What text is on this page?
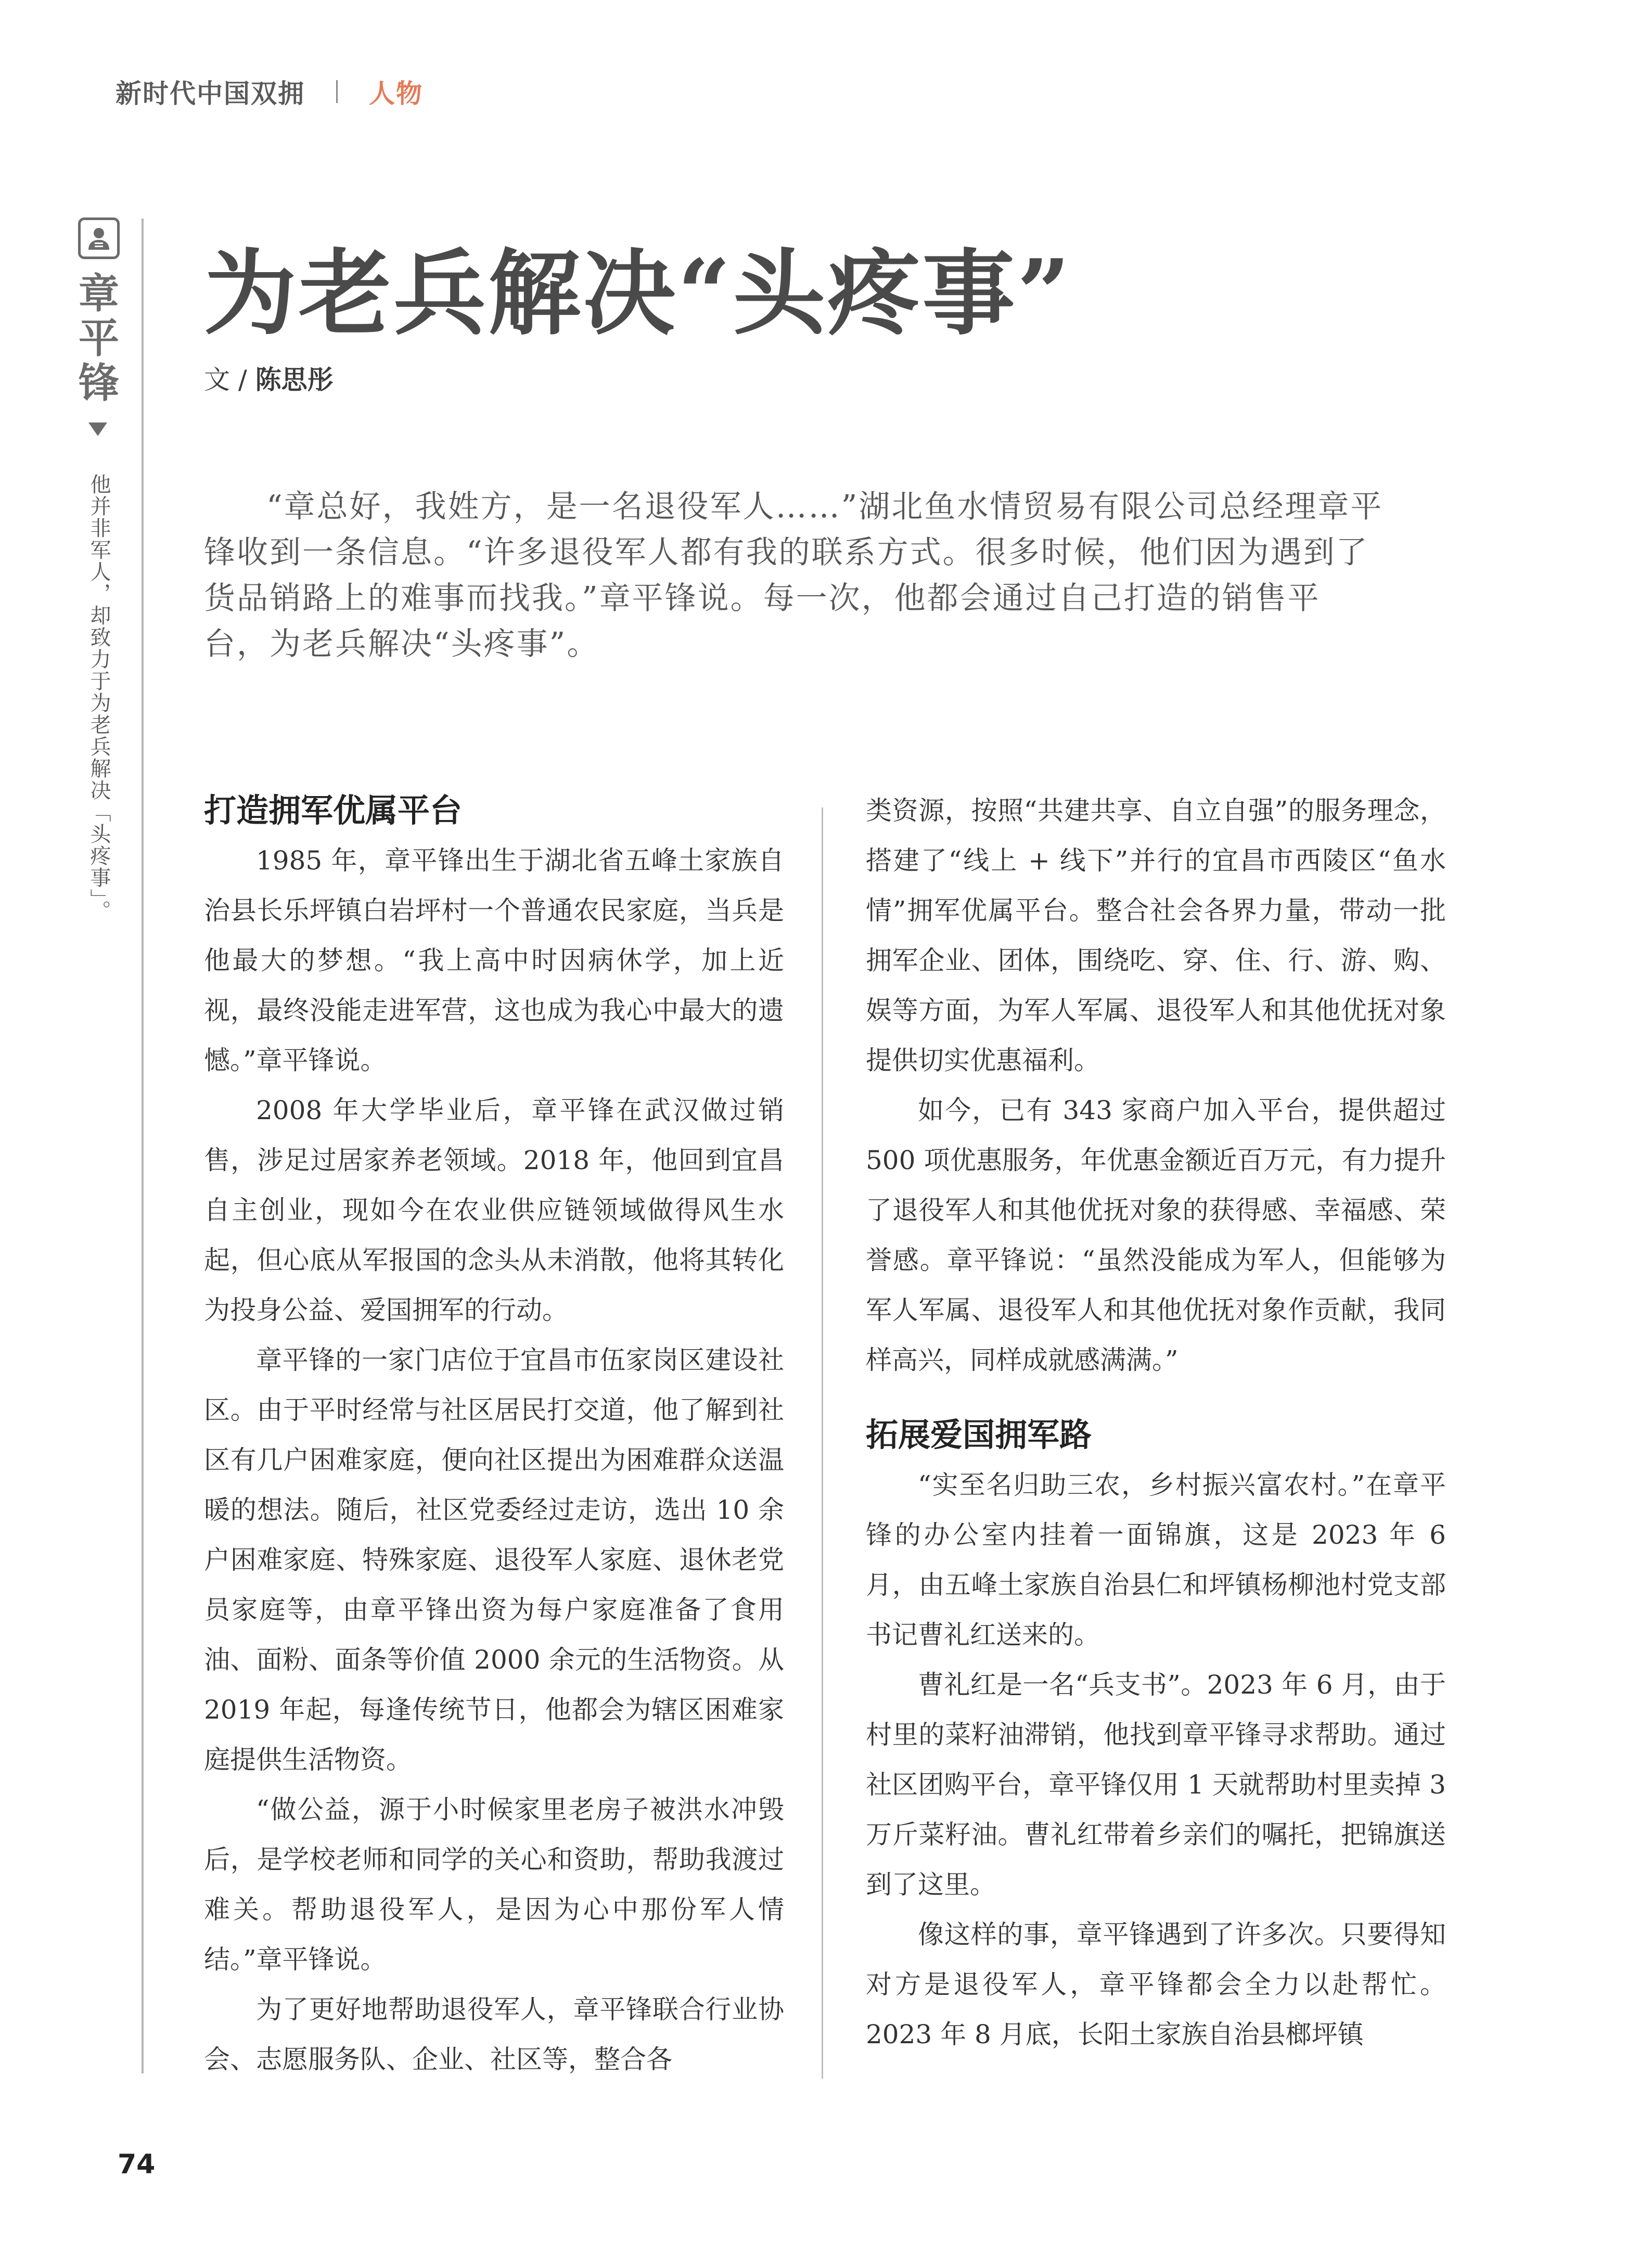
新时代中国双拥 人物
章
平
锋
他并非军人，却致力于为老兵解决「头疼事」。
为老兵解决“头疼事”
文 / 陈思彤

“章总好，我姓方，是一名退役军人……”湖北鱼水情贸易有限公司总经理章平锋收到一条信息。“许多退役军人都有我的联系方式。很多时候，他们因为遇到了货品销路上的难事而找我。”章平锋说。每一次，他都会通过自己打造的销售平台，为老兵解决“头疼事”。

打造拥军优属平台

1985 年，章平锋出生于湖北省五峰土家族自治县长乐坪镇白岩坪村一个普通农民家庭，当兵是他最大的梦想。“我上高中时因病休学，加上近视，最终没能走进军营，这也成为我心中最大的遗憾。”章平锋说。

2008 年大学毕业后，章平锋在武汉做过销售，涉足过居家养老领域。2018 年，他回到宜昌自主创业，现如今在农业供应链领域做得风生水起，但心底从军报国的念头从未消散，他将其转化为投身公益、爱国拥军的行动。

章平锋的一家门店位于宜昌市伍家岗区建设社区。由于平时经常与社区居民打交道，他了解到社区有几户困难家庭，便向社区提出为困难群众送温暖的想法。随后，社区党委经过走访，选出 10 余户困难家庭、特殊家庭、退役军人家庭、退休老党员家庭等，由章平锋出资为每户家庭准备了食用油、面粉、面条等价值 2000 余元的生活物资。从 2019 年起，每逢传统节日，他都会为辖区困难家庭提供生活物资。

“做公益，源于小时候家里老房子被洪水冲毁后，是学校老师和同学的关心和资助，帮助我渡过难关。帮助退役军人，是因为心中那份军人情结。”章平锋说。

为了更好地帮助退役军人，章平锋联合行业协会、志愿服务队、企业、社区等，整合各

类资源，按照“共建共享、自立自强”的服务理念，搭建了“线上 + 线下”并行的宜昌市西陵区“鱼水情”拥军优属平台。整合社会各界力量，带动一批拥军企业、团体，围绕吃、穿、住、行、游、购、娱等方面，为军人军属、退役军人和其他优抚对象提供切实优惠福利。

如今，已有 343 家商户加入平台，提供超过 500 项优惠服务，年优惠金额近百万元，有力提升了退役军人和其他优抚对象的获得感、幸福感、荣誉感。章平锋说：“虽然没能成为军人，但能够为军人军属、退役军人和其他优抚对象作贡献，我同样高兴，同样成就感满满。”

拓展爱国拥军路

“实至名归助三农，乡村振兴富农村。”在章平锋的办公室内挂着一面锦旗，这是 2023 年 6 月，由五峰土家族自治县仁和坪镇杨柳池村党支部书记曹礼红送来的。

曹礼红是一名“兵支书”。2023 年 6 月，由于村里的菜籽油滞销，他找到章平锋寻求帮助。通过社区团购平台，章平锋仅用 1 天就帮助村里卖掉 3 万斤菜籽油。曹礼红带着乡亲们的嘱托，把锦旗送到了这里。

像这样的事，章平锋遇到了许多次。只要得知对方是退役军人，章平锋都会全力以赴帮忙。2023 年 8 月底，长阳土家族自治县榔坪镇

74
